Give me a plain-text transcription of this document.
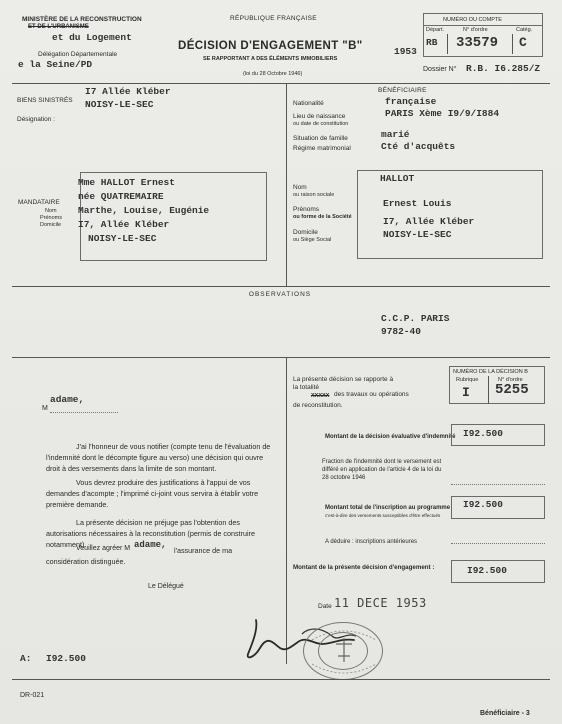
MINISTÈRE DE LA RECONSTRUCTION
ET DE L'URBANISME
et du Logement
Délégation Départementale
e la Seine/PD
RÉPUBLIQUE FRANÇAISE
DÉCISION D'ENGAGEMENT "B"
SE RAPPORTANT A DES ÉLÉMENTS IMMOBILIERS
(loi du 28 Octobre 1946)
1953
NUMÉRO DU COMPTE
Départ.	N° d'ordre	Catég.
RB 33579 C
Dossier N° R.B. I6.285/Z
BIENS SINISTRÉS
I7 Allée Kléber
NOISY-LE-SEC
Désignation :
BÉNÉFICIAIRE
Nationalité	française
Lieu de naissance
ou date de constitution
PARIS Xème I9/9/I884
Situation de famille	marié
Régime matrimonial	Cté d'acquêts
Nom
ou raison sociale
HALLOT
Prénoms
ou forme de la Société
Ernest Louis
Domicile
ou Siège Social
I7, Allée Kléber
NOISY-LE-SEC
MANDATAIRE
Nom
Prénoms
Domicile
Mme HALLOT Ernest
née QUATREMAIRE
Marthe, Louise, Eugénie
I7, Allée Kléber
NOISY-LE-SEC
OBSERVATIONS
C.C.P. PARIS
9782-40
adame,
M
J'ai l'honneur de vous notifier (compte tenu de l'évaluation de l'indemnité dont le décompte figure au verso) une décision qui ouvre droit à des versements dans la limite de son montant.
Vous devrez produire des justifications à l'appui de vos demandes d'acompte ; l'imprimé ci-joint vous servira à établir votre première demande.
La présente décision ne préjuge pas l'obtention des autorisations nécessaires à la reconstitution (permis de construire notamment).
Veuillez agréer M adame,
l'assurance de ma considération distinguée.
Le Délégué
A: I92.500
La présente décision se rapporte à
la totalité
XXXXX des travaux ou opérations
de reconstitution.
NUMÉRO DE LA DÉCISION B
Rubrique	N° d'ordre
I 5255
Montant de la décision évaluative d'indemnité I92.500
Fraction de l'indemnité dont le versement est différé en application de l'article 4 de la loi du 28 octobre 1946
Montant total de l'inscription au programme
c'est-à-dire des versements susceptibles d'être effectués
I92.500
A déduire : inscriptions antérieures
Montant de la présente décision d'engagement :	I92.500
Date 11 DECE 1953
DR-021
Bénéficiaire - 3
